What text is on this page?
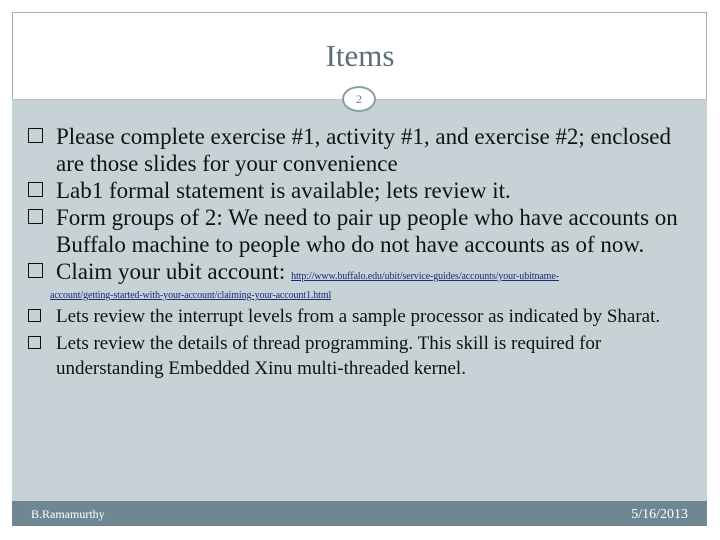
Items
2
Please complete exercise #1, activity #1, and exercise #2; enclosed are those slides for your convenience
Lab1 formal statement is available; lets review it.
Form groups of 2: We need to pair up people who have accounts on Buffalo machine to people who do not have accounts as of now.
Claim your ubit account: http://www.buffalo.edu/ubit/service-guides/accounts/your-ubitname-
account/getting-started-with-your-account/claiming-your-account1.html
Lets review the interrupt levels from a sample processor as indicated by Sharat.
Lets review the details of thread programming. This skill is required for understanding Embedded Xinu multi-threaded kernel.
B.Ramamurthy	5/16/2013
